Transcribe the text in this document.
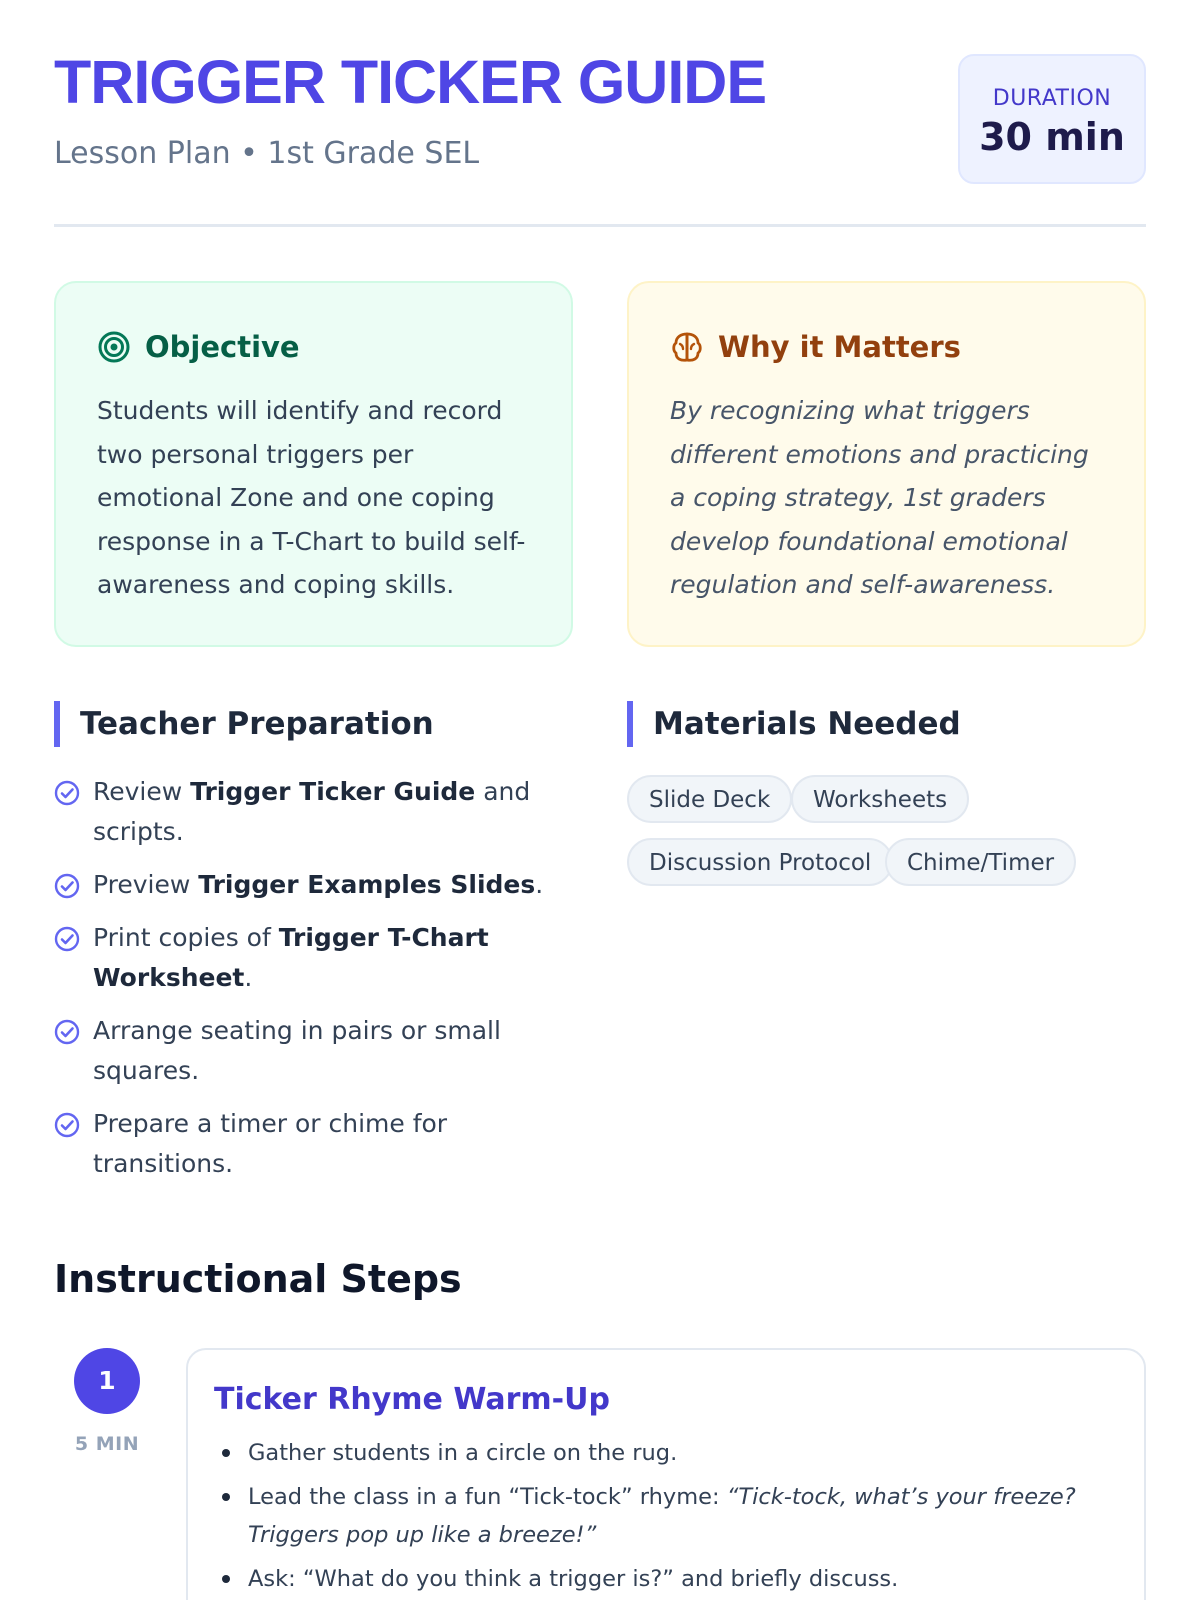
TRIGGER TICKER GUIDE
Lesson Plan • 1st Grade SEL
DURATION
30 min
Objective

Students will identify and record two personal triggers per emotional Zone and one coping response in a T-Chart to build self-awareness and coping skills.

Why it Matters

By recognizing what triggers different emotions and practicing a coping strategy, 1st graders develop foundational emotional regulation and self-awareness.

Teacher Preparation
Review Trigger Ticker Guide and scripts.
Preview Trigger Examples Slides.
Print copies of Trigger T-Chart Worksheet.
Arrange seating in pairs or small squares.
Prepare a timer or chime for transitions.
Materials Needed
Slide Deck	Worksheets
Discussion Protocol	Chime/Timer
Instructional Steps
1
5 MIN
Ticker Rhyme Warm-Up
Gather students in a circle on the rug.
Lead the class in a fun “Tick-tock” rhyme: “Tick-tock, what’s your freeze? Triggers pop up like a breeze!”
Ask: “What do you think a trigger is?” and briefly discuss.
